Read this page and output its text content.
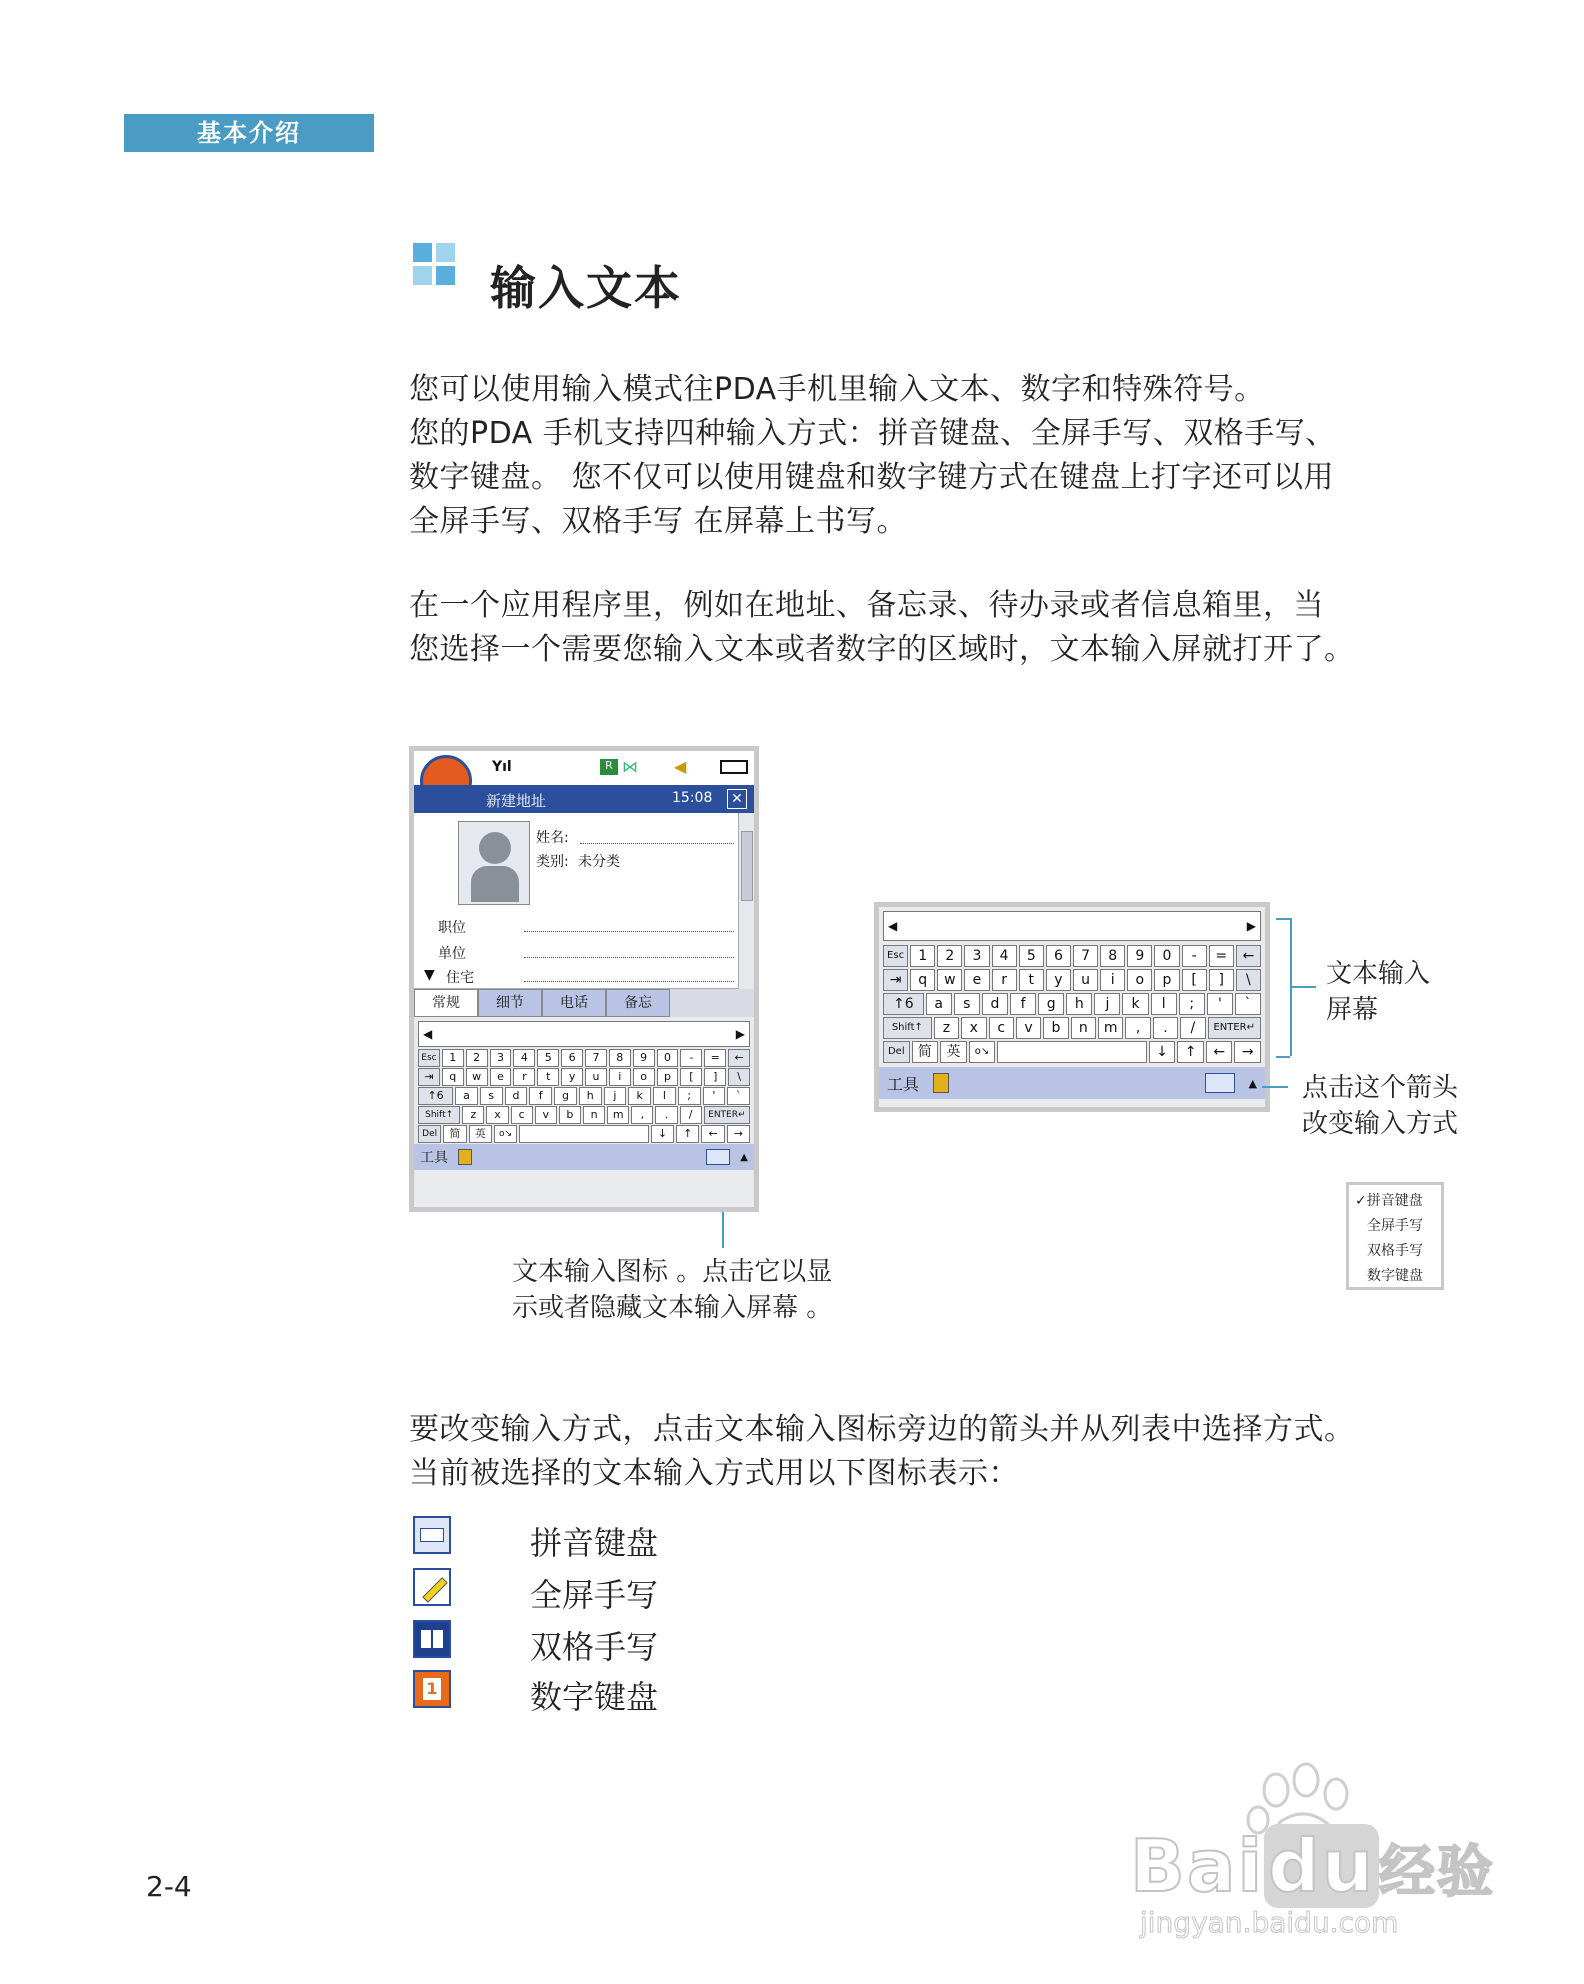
基本介绍
输入文本
您可以使用输入模式往PDA手机里输入文本、数字和特殊符号。
您的PDA 手机支持四种输入方式：拼音键盘、全屏手写、双格手写、
数字键盘。 您不仅可以使用键盘和数字键方式在键盘上打字还可以用
全屏手写、双格手写 在屏幕上书写。
在一个应用程序里，例如在地址、备忘录、待办录或者信息箱里，当
您选择一个需要您输入文本或者数字的区域时，文本输入屏就打开了。
Yıl	R ⋈ ◀
新建地址	15:08 ✕
姓名:
类别: 未分类
职位
单位
▼ 住宅
常规	细节	电话	备忘
◀	▶
Esc	1	2	3	4	5	6	7	8	9	0	-	=	←
⇥	q	w	e	r	t	y	u	i	o	p	[	]	\
↑6	a	s	d	f	g	h	j	k	l	;	'	`
Shift↑	z	x	c	v	b	n	m	,	.	/	ENTER↵
Del	简	英	o↘	↓	↑	←	→
工具	▲
文本输入图标 。点击它以显
示或者隐藏文本输入屏幕 。
◀	▶
Esc	1	2	3	4	5	6	7	8	9	0	-	=	←
⇥	q	w	e	r	t	y	u	i	o	p	[	]	\
↑6	a	s	d	f	g	h	j	k	l	;	'	`
Shift↑	z	x	c	v	b	n	m	,	.	/	ENTER↵
Del 简	英	o↘	↓	↑	←	→
工具	▲
文本输入
屏幕
点击这个箭头
改变输入方式
✓拼音键盘
全屏手写
双格手写
数字键盘
要改变输入方式，点击文本输入图标旁边的箭头并从列表中选择方式。
当前被选择的文本输入方式用以下图标表示：
拼音键盘
全屏手写
双格手写
1	数字键盘
2-4	Baidu经验
jingyan.baidu.com
